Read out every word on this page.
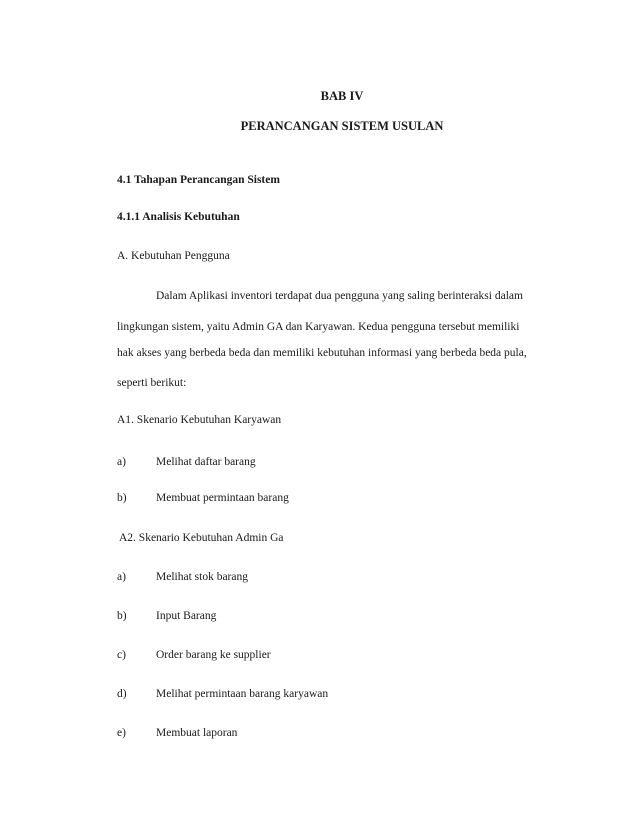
BAB IV
PERANCANGAN SISTEM USULAN
4.1 Tahapan Perancangan Sistem
4.1.1 Analisis Kebutuhan
A. Kebutuhan Pengguna
Dalam Aplikasi inventori terdapat dua pengguna yang saling berinteraksi dalam
lingkungan sistem, yaitu Admin GA dan Karyawan. Kedua pengguna tersebut memiliki
hak akses yang berbeda beda dan memiliki kebutuhan informasi yang berbeda beda pula,
seperti berikut:
A1. Skenario Kebutuhan Karyawan
a)	Melihat daftar barang
b)	Membuat permintaan barang
A2. Skenario Kebutuhan Admin Ga
a)	Melihat stok barang
b)	Input Barang
c)	Order barang ke supplier
d)	Melihat permintaan barang karyawan
e)	Membuat laporan
